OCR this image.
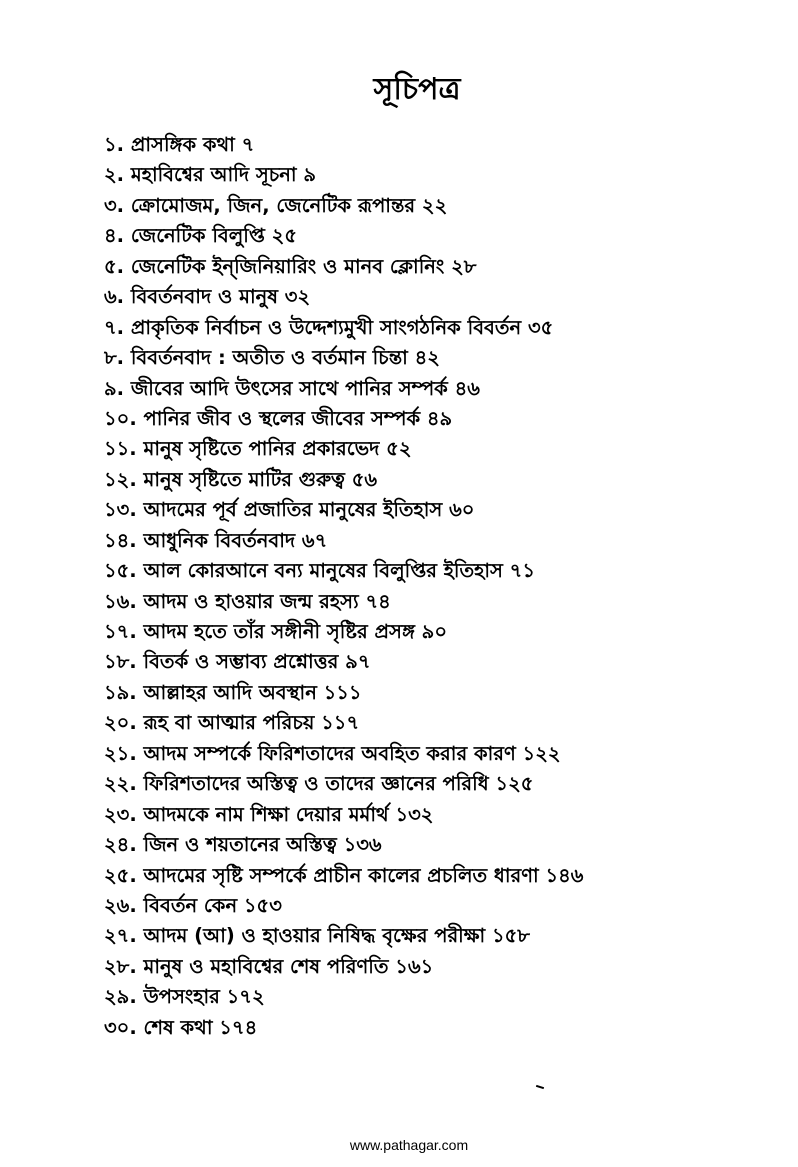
সূচিপত্র
১. প্রাসঙ্গিক কথা ৭
২. মহাবিশ্বের আদি সূচনা ৯
৩. ক্রোমোজম, জিন, জেনেটিক রূপান্তর ২২
৪. জেনেটিক বিলুপ্তি ২৫
৫. জেনেটিক ইন্‌জিনিয়ারিং ও মানব ক্লোনিং ২৮
৬. বিবর্তনবাদ ও মানুষ ৩২
৭. প্রাকৃতিক নির্বাচন ও উদ্দেশ্যমুখী সাংগঠনিক বিবর্তন ৩৫
৮. বিবর্তনবাদ : অতীত ও বর্তমান চিন্তা ৪২
৯. জীবের আদি উৎসের সাথে পানির সম্পর্ক ৪৬
১০. পানির জীব ও স্থলের জীবের সম্পর্ক ৪৯
১১. মানুষ সৃষ্টিতে পানির প্রকারভেদ ৫২
১২. মানুষ সৃষ্টিতে মাটির গুরুত্ব ৫৬
১৩. আদমের পূর্ব প্রজাতির মানুষের ইতিহাস ৬০
১৪. আধুনিক বিবর্তনবাদ ৬৭
১৫. আল কোরআনে বন্য মানুষের বিলুপ্তির ইতিহাস ৭১
১৬. আদম ও হাওয়ার জন্ম রহস্য ৭৪
১৭. আদম হতে তাঁর সঙ্গীনী সৃষ্টির প্রসঙ্গ ৯০
১৮. বিতর্ক ও সম্ভাব্য প্রশ্নোত্তর ৯৭
১৯. আল্লাহর আদি অবস্থান ১১১
২০. রূহ বা আত্মার পরিচয় ১১৭
২১. আদম সম্পর্কে ফিরিশতাদের অবহিত করার কারণ ১২২
২২. ফিরিশতাদের অস্তিত্ব ও তাদের জ্ঞানের পরিধি ১২৫
২৩. আদমকে নাম শিক্ষা দেয়ার মর্মার্থ ১৩২
২৪. জিন ও শয়তানের অস্তিত্ব ১৩৬
২৫. আদমের সৃষ্টি সম্পর্কে প্রাচীন কালের প্রচলিত ধারণা ১৪৬
২৬. বিবর্তন কেন ১৫৩
২৭. আদম (আ) ও হাওয়ার নিষিদ্ধ বৃক্ষের পরীক্ষা ১৫৮
২৮. মানুষ ও মহাবিশ্বের শেষ পরিণতি ১৬১
২৯. উপসংহার ১৭২
৩০. শেষ কথা ১৭৪
www.pathagar.com
